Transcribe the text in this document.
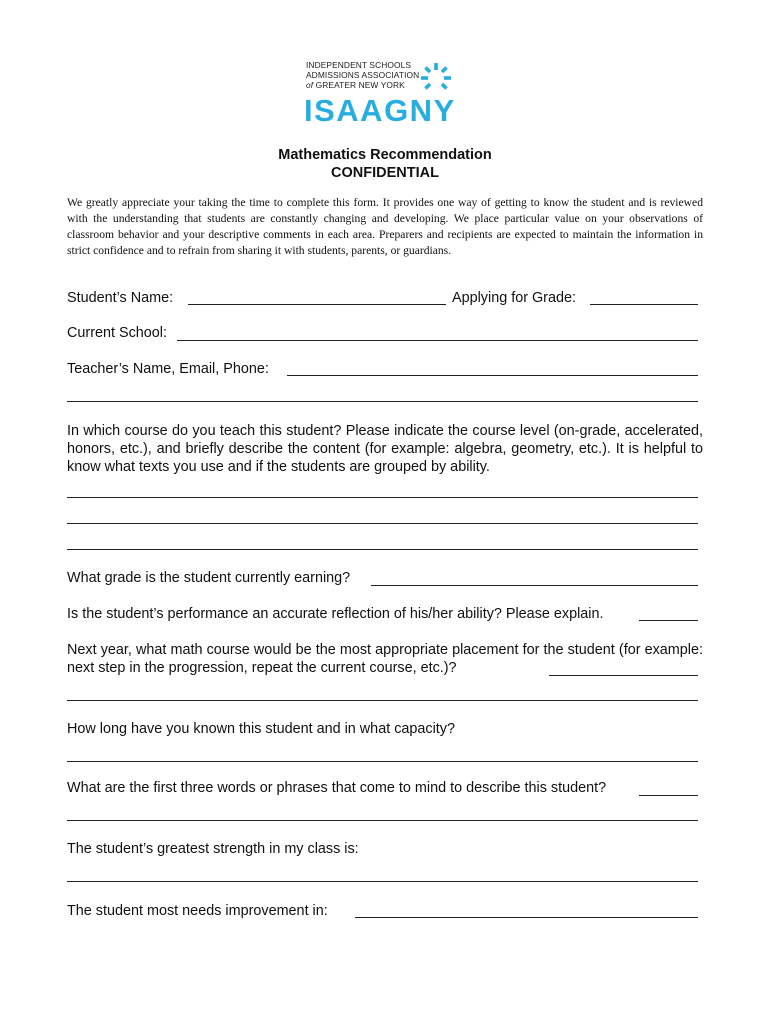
INDEPENDENT SCHOOLS
ADMISSIONS ASSOCIATION
of GREATER NEW YORK
ISAAGNY
Mathematics Recommendation
CONFIDENTIAL
We greatly appreciate your taking the time to complete this form. It provides one way of getting to know the student and is reviewed with the understanding that students are constantly changing and developing. We place particular value on your observations of classroom behavior and your descriptive comments in each area. Preparers and recipients are expected to maintain the information in strict confidence and to refrain from sharing it with students, parents, or guardians.
Student’s Name:	Applying for Grade:
Current School:
Teacher’s Name, Email, Phone:
In which course do you teach this student? Please indicate the course level (on-grade, accelerated, honors, etc.), and briefly describe the content (for example: algebra, geometry, etc.). It is helpful to know what texts you use and if the students are grouped by ability.
What grade is the student currently earning?
Is the student’s performance an accurate reflection of his/her ability? Please explain.
Next year, what math course would be the most appropriate placement for the student (for example: next step in the progression, repeat the current course, etc.)?
How long have you known this student and in what capacity?
What are the first three words or phrases that come to mind to describe this student?
The student’s greatest strength in my class is:
The student most needs improvement in:
